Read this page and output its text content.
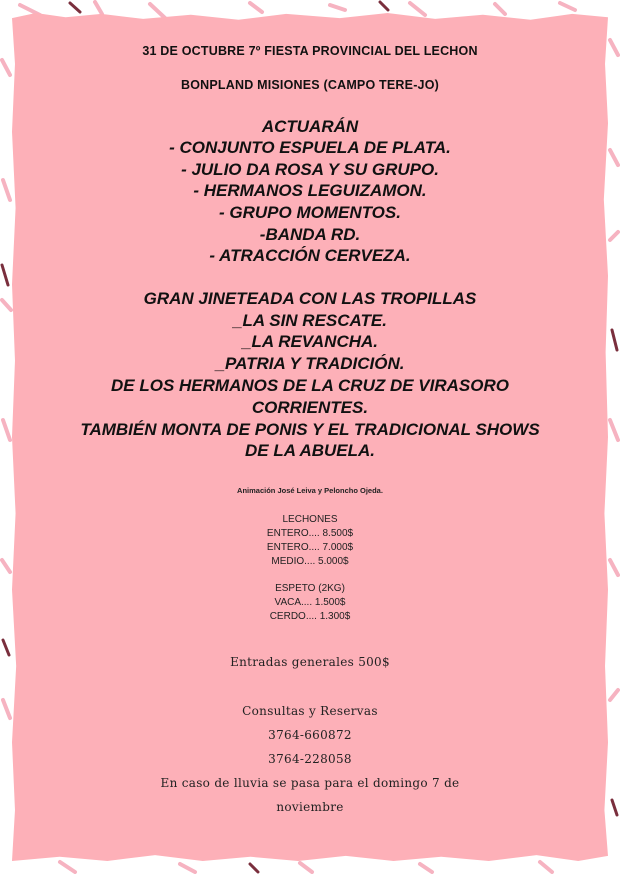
31 DE OCTUBRE 7º FIESTA PROVINCIAL DEL LECHON

BONPLAND MISIONES (CAMPO TERE-JO)

ACTUARÁN

- CONJUNTO ESPUELA DE PLATA.

- JULIO DA ROSA Y SU GRUPO.

- HERMANOS LEGUIZAMON.

- GRUPO MOMENTOS.

-BANDA RD.

- ATRACCIÓN CERVEZA.

GRAN JINETEADA CON LAS TROPILLAS

_LA SIN RESCATE.

_LA REVANCHA.

_PATRIA Y TRADICIÓN.

DE LOS HERMANOS DE LA CRUZ DE VIRASORO

CORRIENTES.

TAMBIÉN MONTA DE PONIS Y EL TRADICIONAL SHOWS

DE LA ABUELA.

Animación José Leiva y Peloncho Ojeda.

LECHONES

ENTERO.... 8.500$

ENTERO.... 7.000$

MEDIO.... 5.000$

ESPETO (2KG)

VACA.... 1.500$

CERDO.... 1.300$

Entradas generales 500$

Consultas y Reservas

3764-660872

3764-228058

En caso de lluvia se pasa para el domingo 7 de

noviembre
